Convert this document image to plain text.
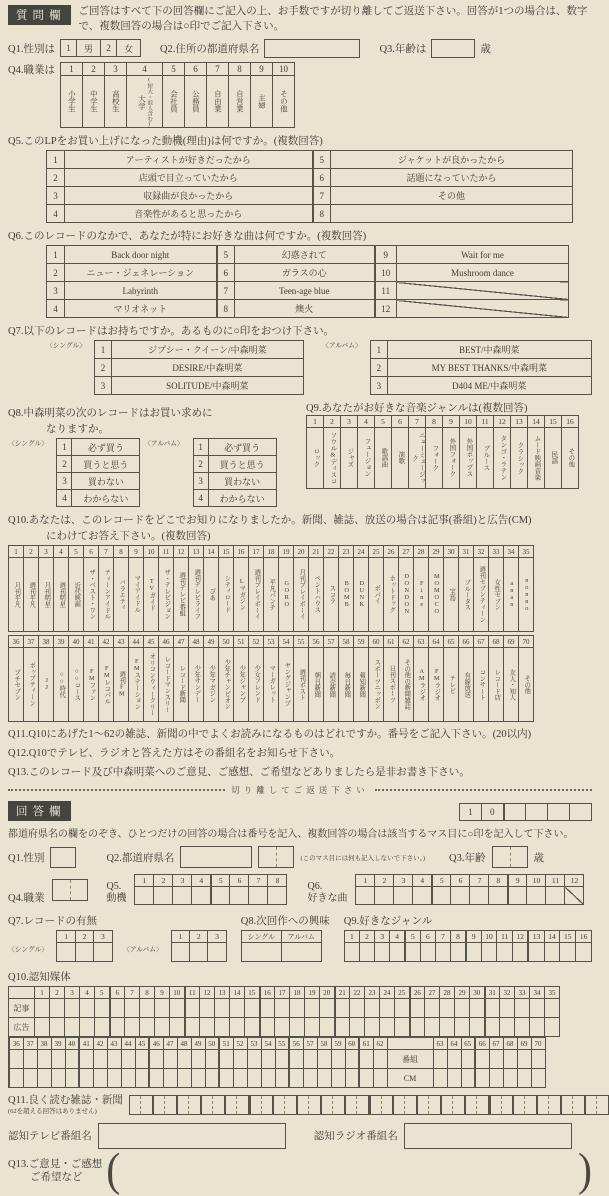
質問欄	ご回答はすべて下の回答欄にご記入の上、お手数ですが切り離してご返送下さい。回答が1つの場合は、数字で、複数回答の場合は○印でご記入下さい。

Q1.性別は 1	男	2	女	Q2.住所の都道府県名	Q3.年齢は	歳
Q4.職業は 1	2	3	4	5	6	7	8	9	10
小学生	中学生	高校生	大学 (短大・浪人含む)	会社員	公務員	自由業	自営業	主婦	その他

Q5.このLPをお買い上げになった動機(理由)は何ですか。(複数回答)

1	アーティストが好きだったから	5	ジャケットが良かったから
2	店頭で目立っていたから	6	話題になっていたから
3	収録曲が良かったから	7	その他
4	音楽性があると思ったから	8	

Q6.このレコードのなかで、あなたが特にお好きな曲は何ですか。(複数回答)

1	Back door night	5	幻惑されて	9	Wait for me
2	ニュー・ジェネレーション	6	ガラスの心	10	Mushroom dance
3	Labyrinth	7	Teen-age blue	11	
4	マリオネット	8	燠火	12	

Q7.以下のレコードはお持ちですか。あるものに○印をおつけ下さい。

〈シングル〉 1	ジプシー・クイーン/中森明菜
2	DESIRE/中森明菜
3	SOLITUDE/中森明菜
〈アルバム〉 1	BEST/中森明菜
2	MY BEST THANKS/中森明菜
3	D404 ME/中森明菜

Q8.中森明菜の次のレコードはお買い求めに

なりますか。

〈シングル〉 1	必ず買う
2	買うと思う
3	買わない
4	わからない
〈アルバム〉 1	必ず買う
2	買うと思う
3	買わない
4	わからない

Q9.あなたがお好きな音楽ジャンルは(複数回答)

1	2	3	4	5	6	7	8	9	10	11	12	13	14	15	16
ロック	ソウル&ディスコ	ジャズ	フュージョン	歌謡曲	演歌	ニューミュージック	フォーク	外国フォーク	外国ポップス	ブルース	タンゴ・ラテン	クラシック	ムード映画音楽	民謡	その他

Q10.あなたは、このレコードをどこでお知りになりましたか。新聞、雑誌、放送の場合は記事(番組)と広告(CM)

にわけてお答え下さい。(複数回答)

1	2	3	4	5	6	7	8	9	10	11	12	13	14	15	16	17	18	19	20	21	22	23	24	25	26	27	28	29	30	31	32	33	34	35
月刊平凡	週刊平凡	月刊明星	週刊明星	近代映画	ザ・ベスト・ワン	ティーンアイドル	バラエティ	マイアイドル	TVガイド	ザ・テレビジョン	週刊テレビ番組	週刊テレビライフ	ぴあ	シティロード	Lマガジン	週刊プレイボーイ	平凡パンチ	GORO	月刊プレイボーイ	ペントハウス	スコラ	BOMB	DUNK	ポパイ	ホットドッグ	DONDON	Fine	MOMOCO	宝島	ブルータス	週刊セブンティーン	女性セブン	anan	nonno
36	37	38	39	40	41	42	43	44	45	46	47	48	49	50	51	52	53	54	55	56	57	58	59	60	61	62	63	64	65	66	67	68	69	70
プチセブン	ポップティーン	JJ	○○時代	○○コース	FMファン	FMレコパル	週刊FM	FMステーション	オリコンウィークリー	レコードマンスリー	レコード新聞	少年サンデー	少年マガジン	少年チャンピオン	少年ジャンプ	少女フレンド	マーガレット	ヤングジャンプ	週刊ポスト	朝日新聞	読売新聞	毎日新聞	報知新聞	スポーツニッポン	日刊スポーツ	その他の新聞雑誌	AMラジオ	FMラジオ	テレビ	有線放送	コンサート	レコード店	友人・知人	その他

Q11.Q10にあげた1〜62の雑誌、新聞の中でよくお読みになるものはどれですか。番号をご記入下さい。(20以内)

Q12.Q10でテレビ、ラジオと答えた方はその番組名をお知らせ下さい。

Q13.このレコード及び中森明菜へのご意見、ご感想、ご希望などありましたら是非お書き下さい。

切り離してご返送下さい
回答欄	1	0				

都道府県名の欄をのぞき、ひとつだけの回答の場合は番号を記入、複数回答の場合は該当するマス目に○印を記入して下さい。

Q1.性別	Q2.都道府県名	(このマス目には何も記入しないで下さい。) Q3.年齢	歳
Q4.職業
Q5.
動機
1	2	3	4	5	6	7	8

Q6.
好きな曲
1	2	3	4	5	6	7	8	9	10	11	12

Q7.レコードの有無

〈シングル〉
1	2	3

〈アルバム〉
1	2	3

Q8.次回作への興味

シングル	アルバム

Q9.好きなジャンル

1	2	3	4	5	6	7	8	9	10	11	12	13	14	15	16

Q10.認知媒体

	1	2	3	4	5	6	7	8	9	10	11	12	13	14	15	16	17	18	19	20	21	22	23	24	25	26	27	28	29	30	31	32	33	34	35
記事																																			
広告																																			
36	37	38	39	40	41	42	43	44	45	46	47	48	49	50	51	52	53	54	55	56	57	58	59	60	61	62		63	64	65	66	67	68	69	70
																											番組								
																											CM								
Q11.良く読む雑誌・新聞
(62を超える回答はありません)
認知テレビ番組名	認知ラジオ番組名
Q13.ご意見・ご感想
ご希望など (	)
